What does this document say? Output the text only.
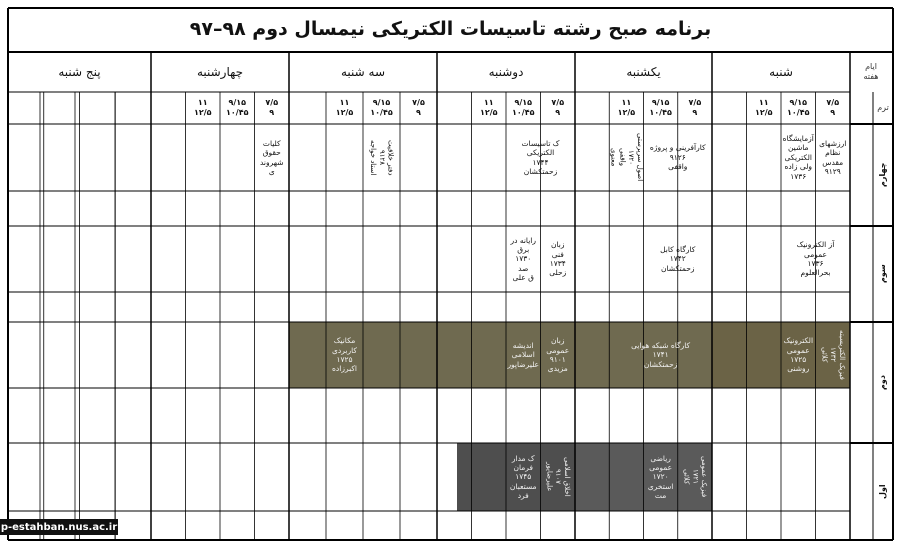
برنامه صبح رشته تاسیسات الکتریکی نیمسال دوم ۹۸–۹۷
ایام
هفته
ترم
شنبه
یکشنبه
دوشنبه
سه شنبه
چهارشنبه
پنج شنبه
۷/۵
۹
۹/۱۵
۱۰/۴۵
۱۱
۱۲/۵
۷/۵
۹
۹/۱۵
۱۰/۴۵
۱۱
۱۲/۵
۷/۵
۹
۹/۱۵
۱۰/۴۵
۱۱
۱۲/۵
۷/۵
۹
۹/۱۵
۱۰/۴۵
۱۱
۱۲/۵
۷/۵
۹
۹/۱۵
۱۰/۴۵
۱۱
۱۲/۵
چهارم
سوم
دوم
اول
ارزشهای
نظام
مقدس
۹۱۲۹
آزمایشگاه
ماشین
الکتریکی
ولی زاده
۱۷۳۶
کارآفرینی و پروژه
۹۱۲۶
واقفی
اصول سرپرستی
۱۷۲۰
واقفی
معنوی
ک تاسیسات الکتریکی
۱۷۴۴
زحمتکشان
دفتر خلاقیت
۹۱۲۸
استاد خواجه
کلیات
حقوق
شهروند
ی
آز الکترونیک
عمومی
۱۷۳۶
بحرالعلوم
کارگاه کابل
۱۷۴۲
زحمتکشان
زبان
فنی
۱۷۳۴
زحلی
رایانه در برق
۱۷۳۰
صد
ق علی
فیزیک الکتریسیته
۱۷۳۲
کلائی
الکترونیک
عمومی
۱۷۲۵
روشنی
کارگاه شبکه هوایی
۱۷۴۱
زحمتکشان
زبان عمومی
۹۱۰۱
مزیدی
اندیشه
اسلامی
علیرضاپور
مکانیک
کاربردی
۱۷۲۵
اکبرزاده
فیزیک عمومی
۱۷۲۱
کلائی
ریاضی عمومی
۱۷۲۰
استخری مت
اخلاق اسلامی
۹۱۰۷
علیرضاپور
ک مدار فرمان
۱۷۴۵
مستعبان فرد
p-estahban.nus.ac.ir
